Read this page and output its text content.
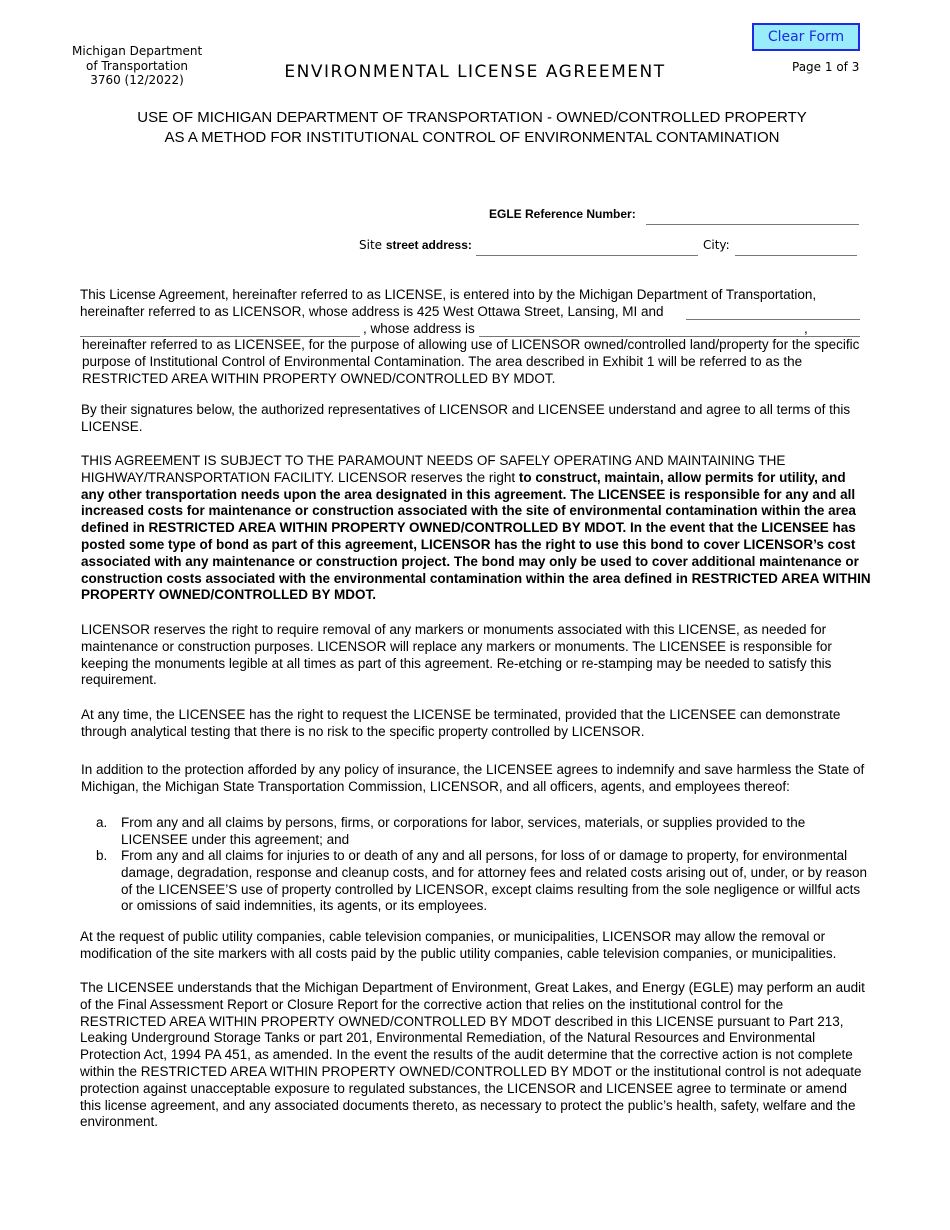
Michigan Department
of Transportation
3760 (12/2022)	ENVIRONMENTAL LICENSE AGREEMENT	Page 1 of 3
Clear Form
USE OF MICHIGAN DEPARTMENT OF TRANSPORTATION - OWNED/CONTROLLED PROPERTY
AS A METHOD FOR INSTITUTIONAL CONTROL OF ENVIRONMENTAL CONTAMINATION
EGLE Reference Number:
Site street address:	City:
This License Agreement, hereinafter referred to as LICENSE, is entered into by the Michigan Department of Transportation,
hereinafter referred to as LICENSOR, whose address is 425 West Ottawa Street, Lansing, MI and
, whose address is	,
hereinafter referred to as LICENSEE, for the purpose of allowing use of LICENSOR owned/controlled land/property for the specific purpose of Institutional Control of Environmental Contamination. The area described in Exhibit 1 will be referred to as the RESTRICTED AREA WITHIN PROPERTY OWNED/CONTROLLED BY MDOT.
By their signatures below, the authorized representatives of LICENSOR and LICENSEE understand and agree to all terms of this LICENSE.
THIS AGREEMENT IS SUBJECT TO THE PARAMOUNT NEEDS OF SAFELY OPERATING AND MAINTAINING THE HIGHWAY/TRANSPORTATION FACILITY. LICENSOR reserves the right to construct, maintain, allow permits for utility, and any other transportation needs upon the area designated in this agreement. The LICENSEE is responsible for any and all increased costs for maintenance or construction associated with the site of environmental contamination within the area defined in RESTRICTED AREA WITHIN PROPERTY OWNED/CONTROLLED BY MDOT. In the event that the LICENSEE has posted some type of bond as part of this agreement, LICENSOR has the right to use this bond to cover LICENSOR’s cost associated with any maintenance or construction project. The bond may only be used to cover additional maintenance or construction costs associated with the environmental contamination within the area defined in RESTRICTED AREA WITHIN PROPERTY OWNED/CONTROLLED BY MDOT.
LICENSOR reserves the right to require removal of any markers or monuments associated with this LICENSE, as needed for maintenance or construction purposes. LICENSOR will replace any markers or monuments. The LICENSEE is responsible for keeping the monuments legible at all times as part of this agreement. Re-etching or re-stamping may be needed to satisfy this requirement.
At any time, the LICENSEE has the right to request the LICENSE be terminated, provided that the LICENSEE can demonstrate through analytical testing that there is no risk to the specific property controlled by LICENSOR.
In addition to the protection afforded by any policy of insurance, the LICENSEE agrees to indemnify and save harmless the State of Michigan, the Michigan State Transportation Commission, LICENSOR, and all officers, agents, and employees thereof:
a. From any and all claims by persons, firms, or corporations for labor, services, materials, or supplies provided to the LICENSEE under this agreement; and
b. From any and all claims for injuries to or death of any and all persons, for loss of or damage to property, for environmental damage, degradation, response and cleanup costs, and for attorney fees and related costs arising out of, under, or by reason of the LICENSEE’S use of property controlled by LICENSOR, except claims resulting from the sole negligence or willful acts or omissions of said indemnities, its agents, or its employees.
At the request of public utility companies, cable television companies, or municipalities, LICENSOR may allow the removal or modification of the site markers with all costs paid by the public utility companies, cable television companies, or municipalities.
The LICENSEE understands that the Michigan Department of Environment, Great Lakes, and Energy (EGLE) may perform an audit of the Final Assessment Report or Closure Report for the corrective action that relies on the institutional control for the RESTRICTED AREA WITHIN PROPERTY OWNED/CONTROLLED BY MDOT described in this LICENSE pursuant to Part 213, Leaking Underground Storage Tanks or part 201, Environmental Remediation, of the Natural Resources and Environmental Protection Act, 1994 PA 451, as amended. In the event the results of the audit determine that the corrective action is not complete within the RESTRICTED AREA WITHIN PROPERTY OWNED/CONTROLLED BY MDOT or the institutional control is not adequate protection against unacceptable exposure to regulated substances, the LICENSOR and LICENSEE agree to terminate or amend this license agreement, and any associated documents thereto, as necessary to protect the public’s health, safety, welfare and the environment.
